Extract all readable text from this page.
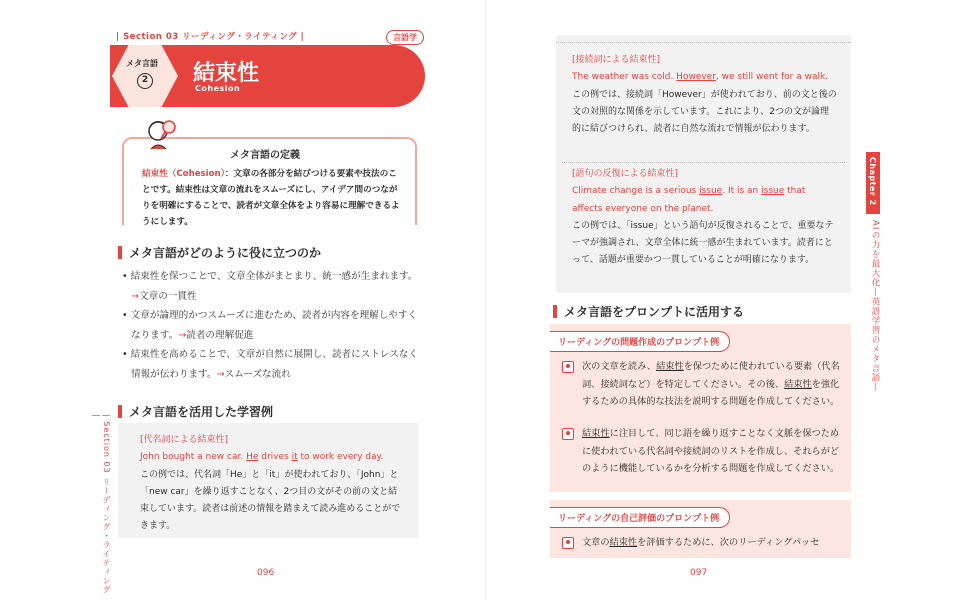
| Section 03 リーディング・ライティング |	言語学
メタ言語
2 結束性
Cohesion
メタ言語の定義
結束性（Cohesion）：文章の各部分を結びつける要素や技法のことです。結束性は文章の流れをスムーズにし、アイデア間のつながりを明確にすることで、読者が文章全体をより容易に理解できるようにします。
メタ言語がどのように役に立つのか
• 結束性を保つことで、文章全体がまとまり、統一感が生まれます。→文章の一貫性
• 文章が論理的かつスムーズに進むため、読者が内容を理解しやすくなります。→読者の理解促進
• 結束性を高めることで、文章が自然に展開し、読者にストレスなく情報が伝わります。→スムーズな流れ
メタ言語を活用した学習例
[代名詞による結束性]
John bought a new car. He drives it to work every day.
この例では、代名詞「He」と「it」が使われており、「John」と「new car」を繰り返すことなく、2つ目の文がその前の文と結束しています。読者は前述の情報を踏まえて読み進めることができます。
| Section 03 リーディング・ライティング |
096
[接続詞による結束性]
The weather was cold. However, we still went for a walk.
この例では、接続詞「However」が使われており、前の文と後の文の対照的な関係を示しています。これにより、2つの文が論理的に結びつけられ、読者に自然な流れで情報が伝わります。
[語句の反復による結束性]
Climate change is a serious issue. It is an issue that affects everyone on the planet.
この例では、「issue」という語句が反復されることで、重要なテーマが強調され、文章全体に統一感が生まれています。読者にとって、話題が重要かつ一貫していることが明確になります。
メタ言語をプロンプトに活用する
リーディングの問題作成のプロンプト例
次の文章を読み、結束性を保つために使われている要素（代名詞、接続詞など）を特定してください。その後、結束性を強化するための具体的な技法を説明する問題を作成してください。
結束性に注目して、同じ語を繰り返すことなく文脈を保つために使われている代名詞や接続詞のリストを作成し、それらがどのように機能しているかを分析する問題を作成してください。
リーディングの自己評価のプロンプト例
文章の結束性を評価するために、次のリーディングパッセ
Chapter 2
AIの力を最大化―英語学習のメタ言語―
097
